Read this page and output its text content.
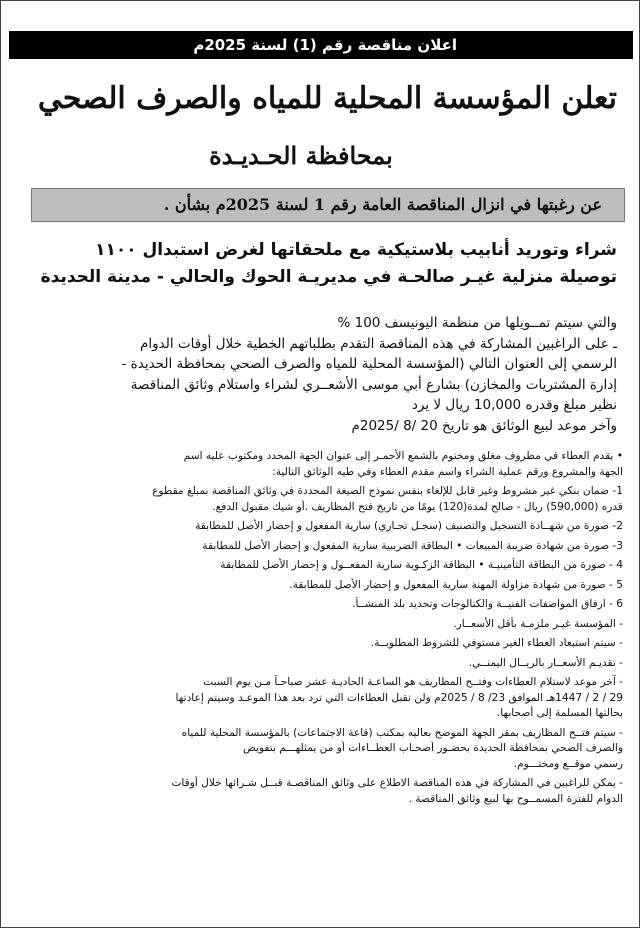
اعلان مناقصة رقم (1) لسنة 2025م
تعلن المؤسسة المحلية للمياه والصرف الصحي
بمحافظة الحـديـدة
عن رغبتها في انزال المناقصة العامة رقم 1 لسنة 2025م بشأن .
شراء وتوريد أنابيب بلاستيكية مع ملحقاتها لغرض استبدال ١١٠٠
توصيلة منزلية غيـر صالحـة في مديريـة الحوك والحالي - مدينة الحديدة
والتي سيتم تمــويلها من منظمة اليونيسف 100 %
ـ على الراغبين المشاركة في هذه المناقصة التقدم بطلباتهم الخطية خلال أوقات الدوام
الرسمي إلى العنوان التالي (المؤسسة المحلية للمياه والصرف الصحي بمحافظة الحديدة -
إدارة المشتريات والمخازن) بشارع أبي موسى الأشعــري لشراء واستلام وثائق المناقصة
نظير مبلغ وقدره 10,000 ريال لا يرد
وآخر موعد لبيع الوثائق هو تاريخ 20 /8 /2025م
• يقدم العطاء في مظروف مغلق ومختوم بالشمع الأحمـر إلى عنوان الجهة المحدد ومكتوب عليه اسم
الجهة والمشروع ورقم عملية الشراء واسم مقدم العطاء وفي طيه الوثائق التالية:
1- ضمان بنكي غير مشروط وغير قابل للإلغاء بنفس نموذج الصيغة المحددة في وثائق المناقصة بمبلغ مقطوع
قدره (590,000) ريال - صالح لمدة(120) يومًا من تاريخ فتح المظاريف .أو شيك مقبول الدفع.
2- صورة من شهــادة التسجيل والتصنيف (سجـل تجـاري) سارية المفعول و إحضار الأصل للمطابقة
3- صورة من شهادة ضريبة المبيعات • البطاقة الضريبية سارية المفعول و إحضار الأصل للمطابقة
4 - صورة من البطاقة التأمينيـة • البطاقة الزكـوية سارية المفعــول و إحضار الأصل للمطابقة
5 - صورة من شهادة مزاولة المهنة سارية المفعول و إحضار الأصل للمطابقة.
6 - ارفاق المواصفات الفنيــة والكتالوجات وتحديد بلد المنشــأ.
- المؤسسة غيـر ملزمـة بأقل الأسعــار.
- سيتم استبعاد العطاء الغير مستوفي للشروط المطلوبــة.
- تقديـم الأسعــار بالريــال اليمنــي.
- آخر موعد لاستلام العطاءات وفتــح المظاريف هو الساعـة الحاديـة عشر صباحـاً مـن يوم السبت
29 / 2 / 1447هـ الموافق 23/ 8 / 2025م ولن تقبل العطاءات التي ترد بعد هذا الموعـد وسيتم إعادتها
بحالتها المسلمة إلى أصحابها.
- سيتم فتــح المظاريف بمقر الجهة الموضح بعاليه بمكتب (قاعة الاجتماعات) بالمؤسسة المحلية للمياه
والصرف الصحي بمحافظة الحديدة بحضـور أصحـاب العطــاءات أو من يمثلهـــم بتفويض
رسمي موقــع ومختـــوم.
- يمكن للراغبين في المشاركة في هذه المناقصة الاطلاع على وثائق المناقصـة قبــل شـرائها خلال أوقات
الدوام للفترة المسمــوح بها لبيع وثائق المناقصة .
